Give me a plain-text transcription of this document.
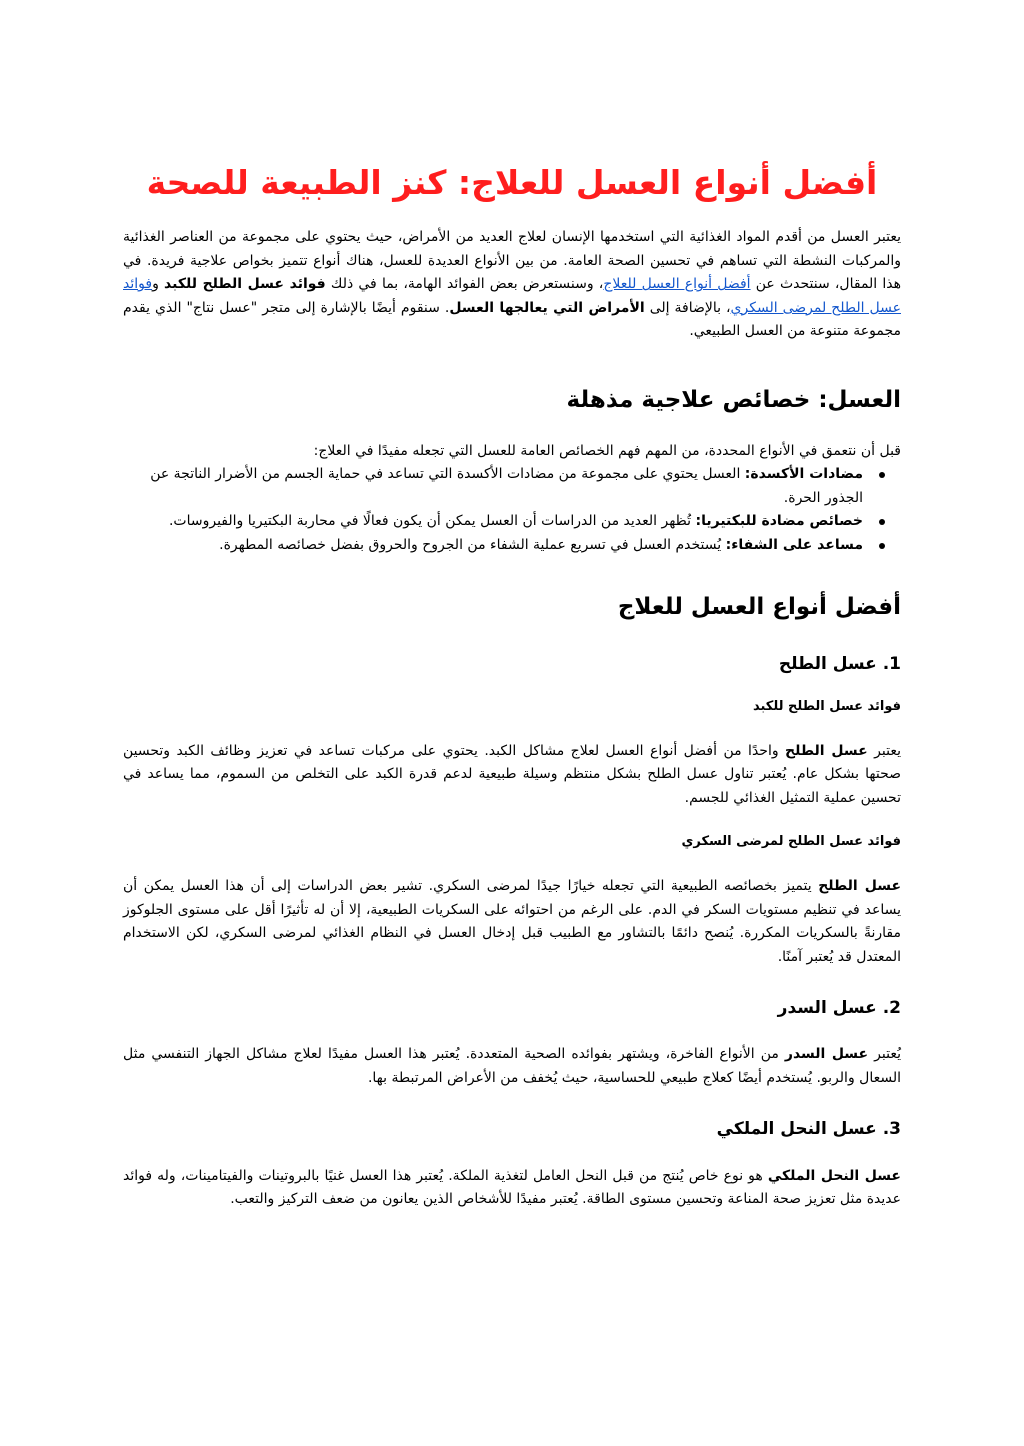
أفضل أنواع العسل للعلاج: كنز الطبيعة للصحة

يعتبر العسل من أقدم المواد الغذائية التي استخدمها الإنسان لعلاج العديد من الأمراض، حيث يحتوي على مجموعة من العناصر الغذائية والمركبات النشطة التي تساهم في تحسين الصحة العامة. من بين الأنواع العديدة للعسل، هناك أنواع تتميز بخواص علاجية فريدة. في هذا المقال، سنتحدث عن أفضل أنواع العسل للعلاج، وسنستعرض بعض الفوائد الهامة، بما في ذلك فوائد عسل الطلح للكبد وفوائد عسل الطلح لمرضى السكري، بالإضافة إلى الأمراض التي يعالجها العسل. سنقوم أيضًا بالإشارة إلى متجر "عسل نتاج" الذي يقدم مجموعة متنوعة من العسل الطبيعي.

العسل: خصائص علاجية مذهلة

قبل أن نتعمق في الأنواع المحددة، من المهم فهم الخصائص العامة للعسل التي تجعله مفيدًا في العلاج:

مضادات الأكسدة: العسل يحتوي على مجموعة من مضادات الأكسدة التي تساعد في حماية الجسم من الأضرار الناتجة عن الجذور الحرة.
خصائص مضادة للبكتيريا: تُظهر العديد من الدراسات أن العسل يمكن أن يكون فعالًا في محاربة البكتيريا والفيروسات.
مساعد على الشفاء: يُستخدم العسل في تسريع عملية الشفاء من الجروح والحروق بفضل خصائصه المطهرة.
أفضل أنواع العسل للعلاج
1. عسل الطلح
فوائد عسل الطلح للكبد

يعتبر عسل الطلح واحدًا من أفضل أنواع العسل لعلاج مشاكل الكبد. يحتوي على مركبات تساعد في تعزيز وظائف الكبد وتحسين صحتها بشكل عام. يُعتبر تناول عسل الطلح بشكل منتظم وسيلة طبيعية لدعم قدرة الكبد على التخلص من السموم، مما يساعد في تحسين عملية التمثيل الغذائي للجسم.

فوائد عسل الطلح لمرضى السكري

عسل الطلح يتميز بخصائصه الطبيعية التي تجعله خيارًا جيدًا لمرضى السكري. تشير بعض الدراسات إلى أن هذا العسل يمكن أن يساعد في تنظيم مستويات السكر في الدم. على الرغم من احتوائه على السكريات الطبيعية، إلا أن له تأثيرًا أقل على مستوى الجلوكوز مقارنةً بالسكريات المكررة. يُنصح دائمًا بالتشاور مع الطبيب قبل إدخال العسل في النظام الغذائي لمرضى السكري، لكن الاستخدام المعتدل قد يُعتبر آمنًا.

2. عسل السدر

يُعتبر عسل السدر من الأنواع الفاخرة، ويشتهر بفوائده الصحية المتعددة. يُعتبر هذا العسل مفيدًا لعلاج مشاكل الجهاز التنفسي مثل السعال والربو. يُستخدم أيضًا كعلاج طبيعي للحساسية، حيث يُخفف من الأعراض المرتبطة بها.

3. عسل النحل الملكي

عسل النحل الملكي هو نوع خاص يُنتج من قبل النحل العامل لتغذية الملكة. يُعتبر هذا العسل غنيًا بالبروتينات والفيتامينات، وله فوائد عديدة مثل تعزيز صحة المناعة وتحسين مستوى الطاقة. يُعتبر مفيدًا للأشخاص الذين يعانون من ضعف التركيز والتعب.
